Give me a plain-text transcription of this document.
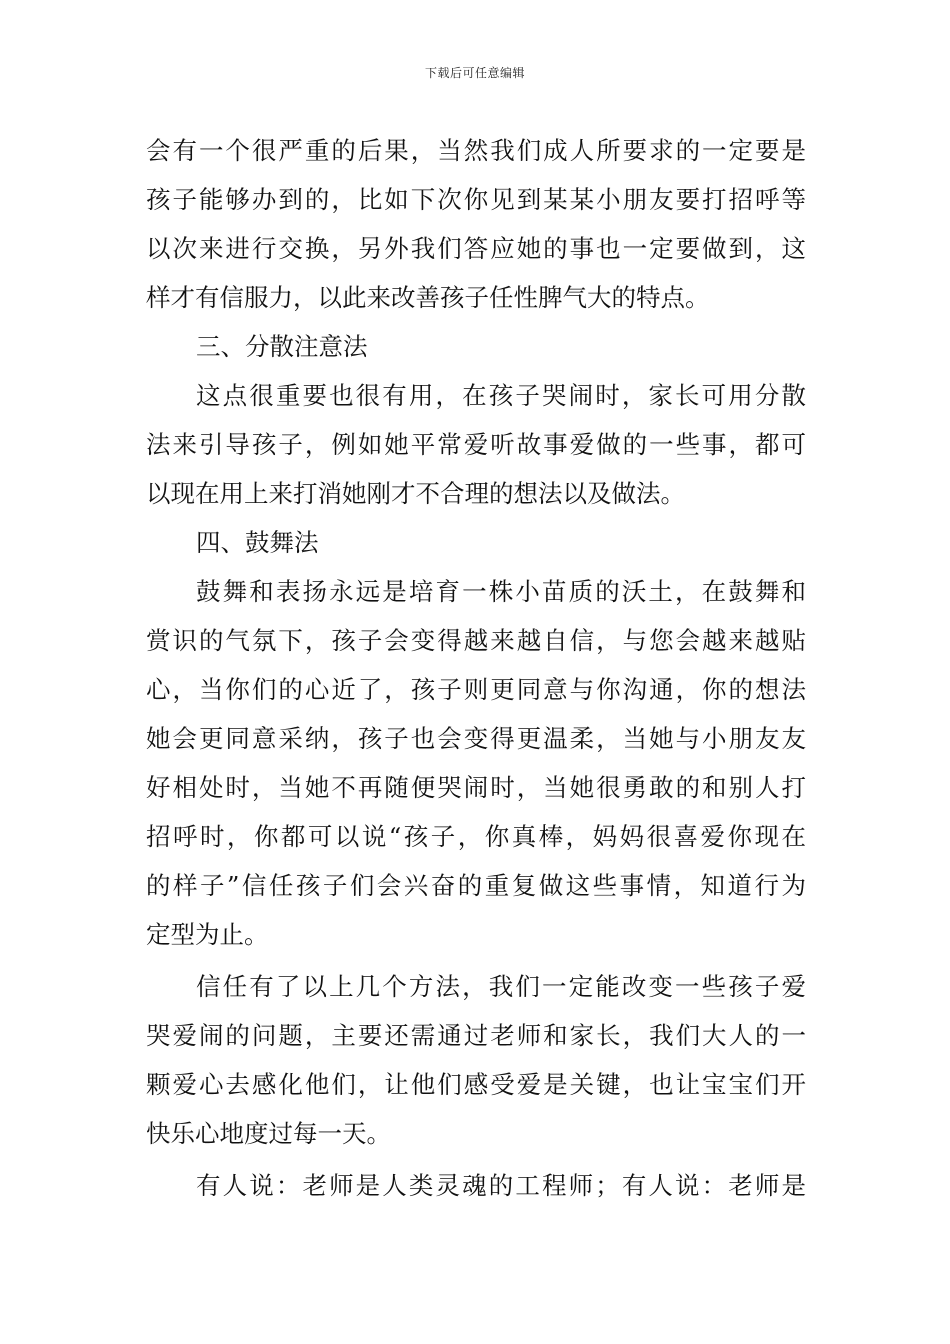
下载后可任意编辑
会有一个很严重的后果，当然我们成人所要求的一定要是
孩子能够办到的，比如下次你见到某某小朋友要打招呼等
以次来进行交换，另外我们答应她的事也一定要做到，这
样才有信服力，以此来改善孩子任性脾气大的特点。
三、分散注意法
这点很重要也很有用，在孩子哭闹时，家长可用分散
法来引导孩子，例如她平常爱听故事爱做的一些事，都可
以现在用上来打消她刚才不合理的想法以及做法。
四、鼓舞法
鼓舞和表扬永远是培育一株小苗质的沃土，在鼓舞和
赏识的气氛下，孩子会变得越来越自信，与您会越来越贴
心，当你们的心近了，孩子则更同意与你沟通，你的想法
她会更同意采纳，孩子也会变得更温柔，当她与小朋友友
好相处时，当她不再随便哭闹时，当她很勇敢的和别人打
招呼时，你都可以说“孩子，你真棒，妈妈很喜爱你现在
的样子”信任孩子们会兴奋的重复做这些事情，知道行为
定型为止。
信任有了以上几个方法，我们一定能改变一些孩子爱
哭爱闹的问题，主要还需通过老师和家长，我们大人的一
颗爱心去感化他们，让他们感受爱是关键，也让宝宝们开
快乐心地度过每一天。
有人说：老师是人类灵魂的工程师；有人说：老师是
